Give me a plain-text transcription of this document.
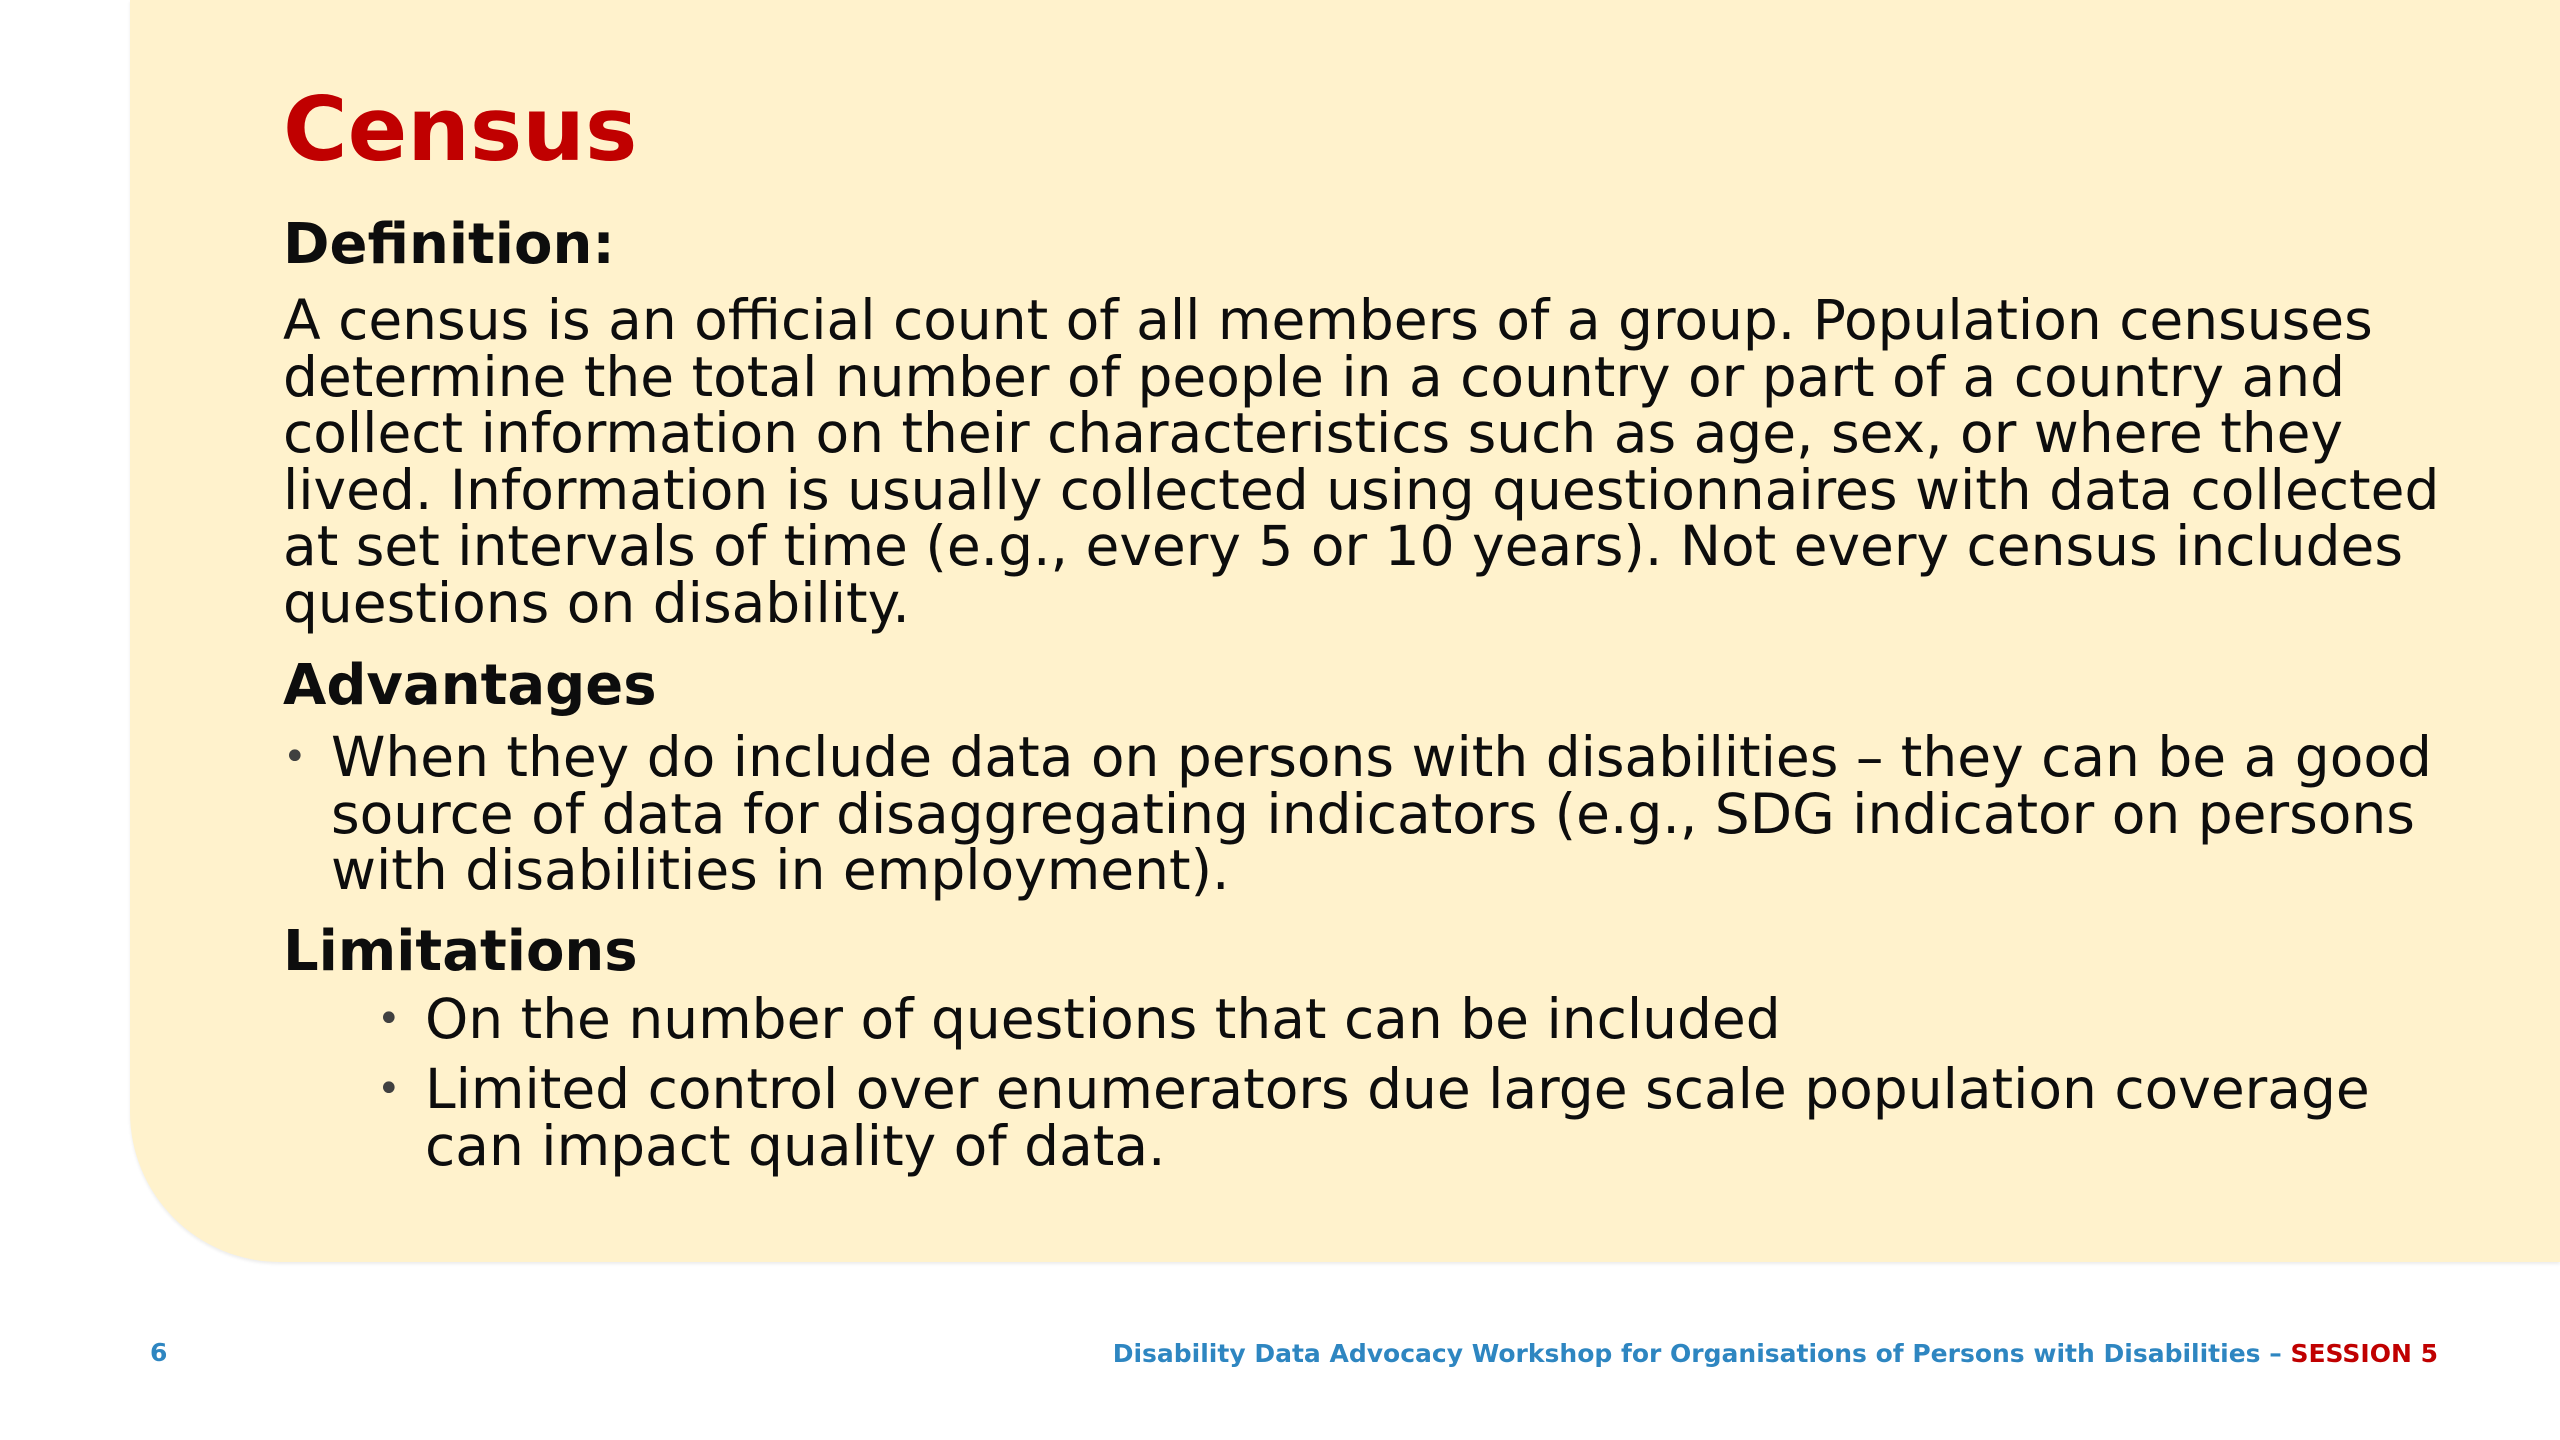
Census
Definition:

A census is an official count of all members of a group. Population censuses determine the total number of people in a country or part of a country and collect information on their characteristics such as age, sex, or where they lived. Information is usually collected using questionnaires with data collected at set intervals of time (e.g., every 5 or 10 years). Not every census includes questions on disability.

Advantages
• When they do include data on persons with disabilities – they can be a good source of data for disaggregating indicators (e.g., SDG indicator on persons with disabilities in employment).
Limitations
• On the number of questions that can be included
• Limited control over enumerators due large scale population coverage can impact quality of data.
6	Disability Data Advocacy Workshop for Organisations of Persons with Disabilities – SESSION 5
